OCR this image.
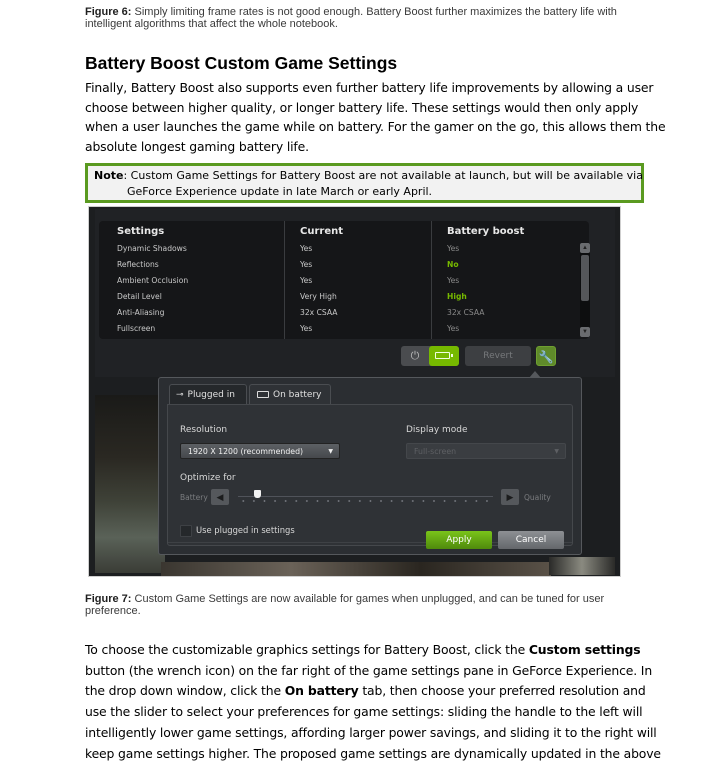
Figure 6: Simply limiting frame rates is not good enough. Battery Boost further maximizes the battery life with
intelligent algorithms that affect the whole notebook.
Battery Boost Custom Game Settings
Finally, Battery Boost also supports even further battery life improvements by allowing a user
choose between higher quality, or longer battery life. These settings would then only apply
when a user launches the game while on battery. For the gamer on the go, this allows them the
absolute longest gaming battery life.
Note: Custom Game Settings for Battery Boost are not available at launch, but will be available via
GeForce Experience update in late March or early April.
Settings	Current	Battery boost
Dynamic Shadows	Yes	Yes
Reflections	Yes	No
Ambient Occlusion	Yes	Yes
Detail Level	Very High	High
Anti-Aliasing	32x CSAA	32x CSAA
Fullscreen	Yes	Yes
▲
▼
⏻	Revert	🔧
⊸ Plugged in	On battery
Resolution
1920 X 1200 (recommended)	▼
Display mode
Full-screen	▼
Optimize for
Battery ◀	▶	Quality
Use plugged in settings
Apply	Cancel
Figure 7: Custom Game Settings are now available for games when unplugged, and can be tuned for user
preference.
To choose the customizable graphics settings for Battery Boost, click the Custom settings
button (the wrench icon) on the far right of the game settings pane in GeForce Experience. In
the drop down window, click the On battery tab, then choose your preferred resolution and
use the slider to select your preferences for game settings: sliding the handle to the left will
intelligently lower game settings, affording larger power savings, and sliding it to the right will
keep game settings higher. The proposed game settings are dynamically updated in the above
